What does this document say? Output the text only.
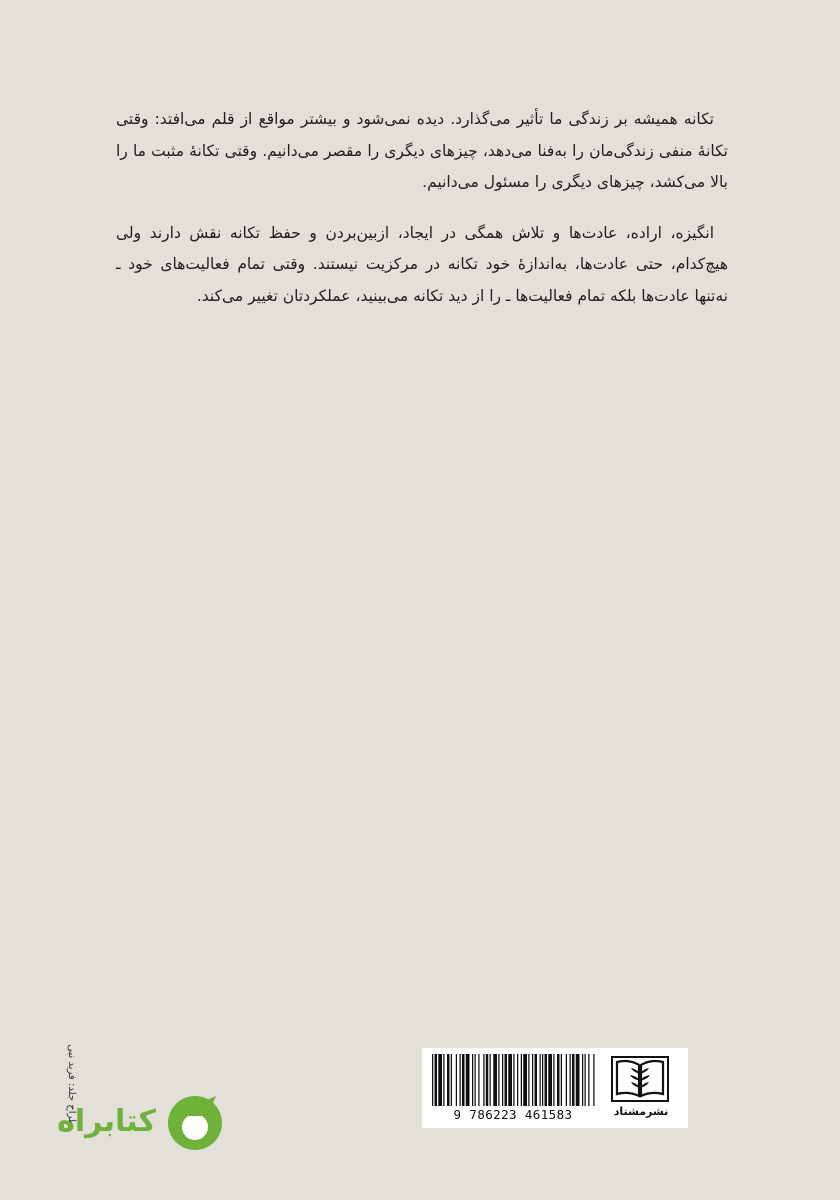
تکانه همیشه بر زندگی ما تأثیر می‌گذارد. دیده نمی‌شود و بیشتر مواقع از قلم می‌افتد: وقتی تکانهٔ منفی زندگی‌مان را به‌فنا می‌دهد، چیزهای دیگری را مقصر می‌دانیم. وقتی تکانهٔ مثبت ما را بالا می‌کشد، چیزهای دیگری را مسئول می‌دانیم.

انگیزه، اراده، عادت‌ها و تلاش همگی در ایجاد، ازبین‌بردن و حفظ تکانه نقش دارند ولی هیچ‌کدام، حتی عادت‌ها، به‌اندازهٔ خود تکانه در مرکزیت نیستند. وقتی تمام فعالیت‌های خود ـ نه‌تنها عادت‌ها بلکه تمام فعالیت‌ها ـ را از دید تکانه می‌بینید، عملکردتان تغییر می‌کند.

طراح جلد: فرید نبی
کتابراه	9 786223 461583	نشرمشتاد
